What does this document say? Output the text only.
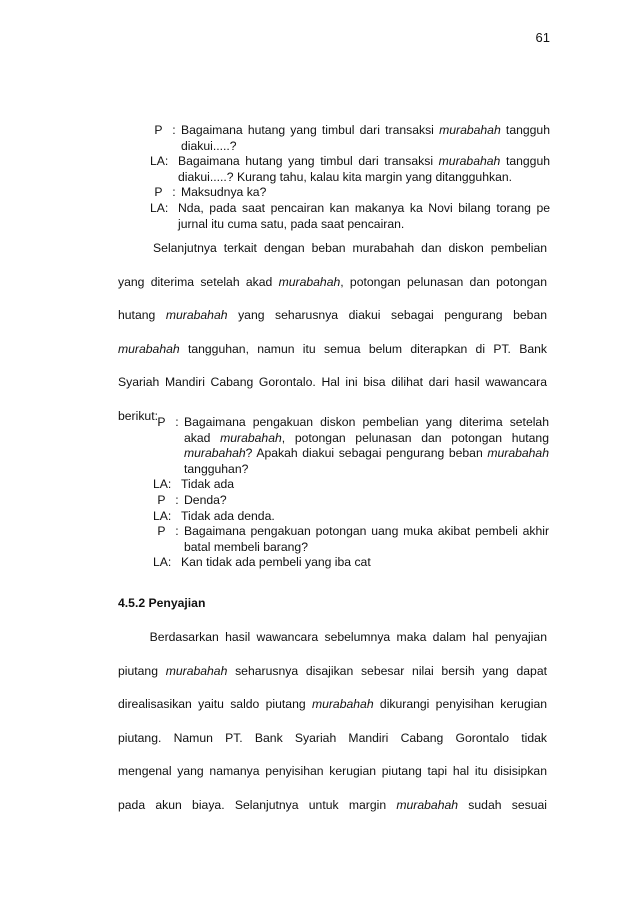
61
P : Bagaimana hutang yang timbul dari transaksi murabahah tangguh diakui.....?
LA: Bagaimana hutang yang timbul dari transaksi murabahah tangguh diakui.....? Kurang tahu, kalau kita margin yang ditangguhkan.
P : Maksudnya ka?
LA: Nda, pada saat pencairan kan makanya ka Novi bilang torang pe jurnal itu cuma satu, pada saat pencairan.
Selanjutnya terkait dengan beban murabahah dan diskon pembelian
yang diterima setelah akad murabahah, potongan pelunasan dan potongan
hutang murabahah yang seharusnya diakui sebagai pengurang beban
murabahah tangguhan, namun itu semua belum diterapkan di PT. Bank
Syariah Mandiri Cabang Gorontalo. Hal ini bisa dilihat dari hasil wawancara
berikut: P : Bagaimana pengakuan diskon pembelian yang diterima setelah akad murabahah, potongan pelunasan dan potongan hutang murabahah? Apakah diakui sebagai pengurang beban murabahah tangguhan?
LA: Tidak ada
P : Denda?
LA: Tidak ada denda.
P : Bagaimana pengakuan potongan uang muka akibat pembeli akhir batal membeli barang?
LA: Kan tidak ada pembeli yang iba cat
4.5.2 Penyajian
Berdasarkan hasil wawancara sebelumnya maka dalam hal penyajian
piutang murabahah seharusnya disajikan sebesar nilai bersih yang dapat
direalisasikan yaitu saldo piutang murabahah dikurangi penyisihan kerugian
piutang. Namun PT. Bank Syariah Mandiri Cabang Gorontalo tidak
mengenal yang namanya penyisihan kerugian piutang tapi hal itu disisipkan
pada akun biaya. Selanjutnya untuk margin murabahah sudah sesuai
